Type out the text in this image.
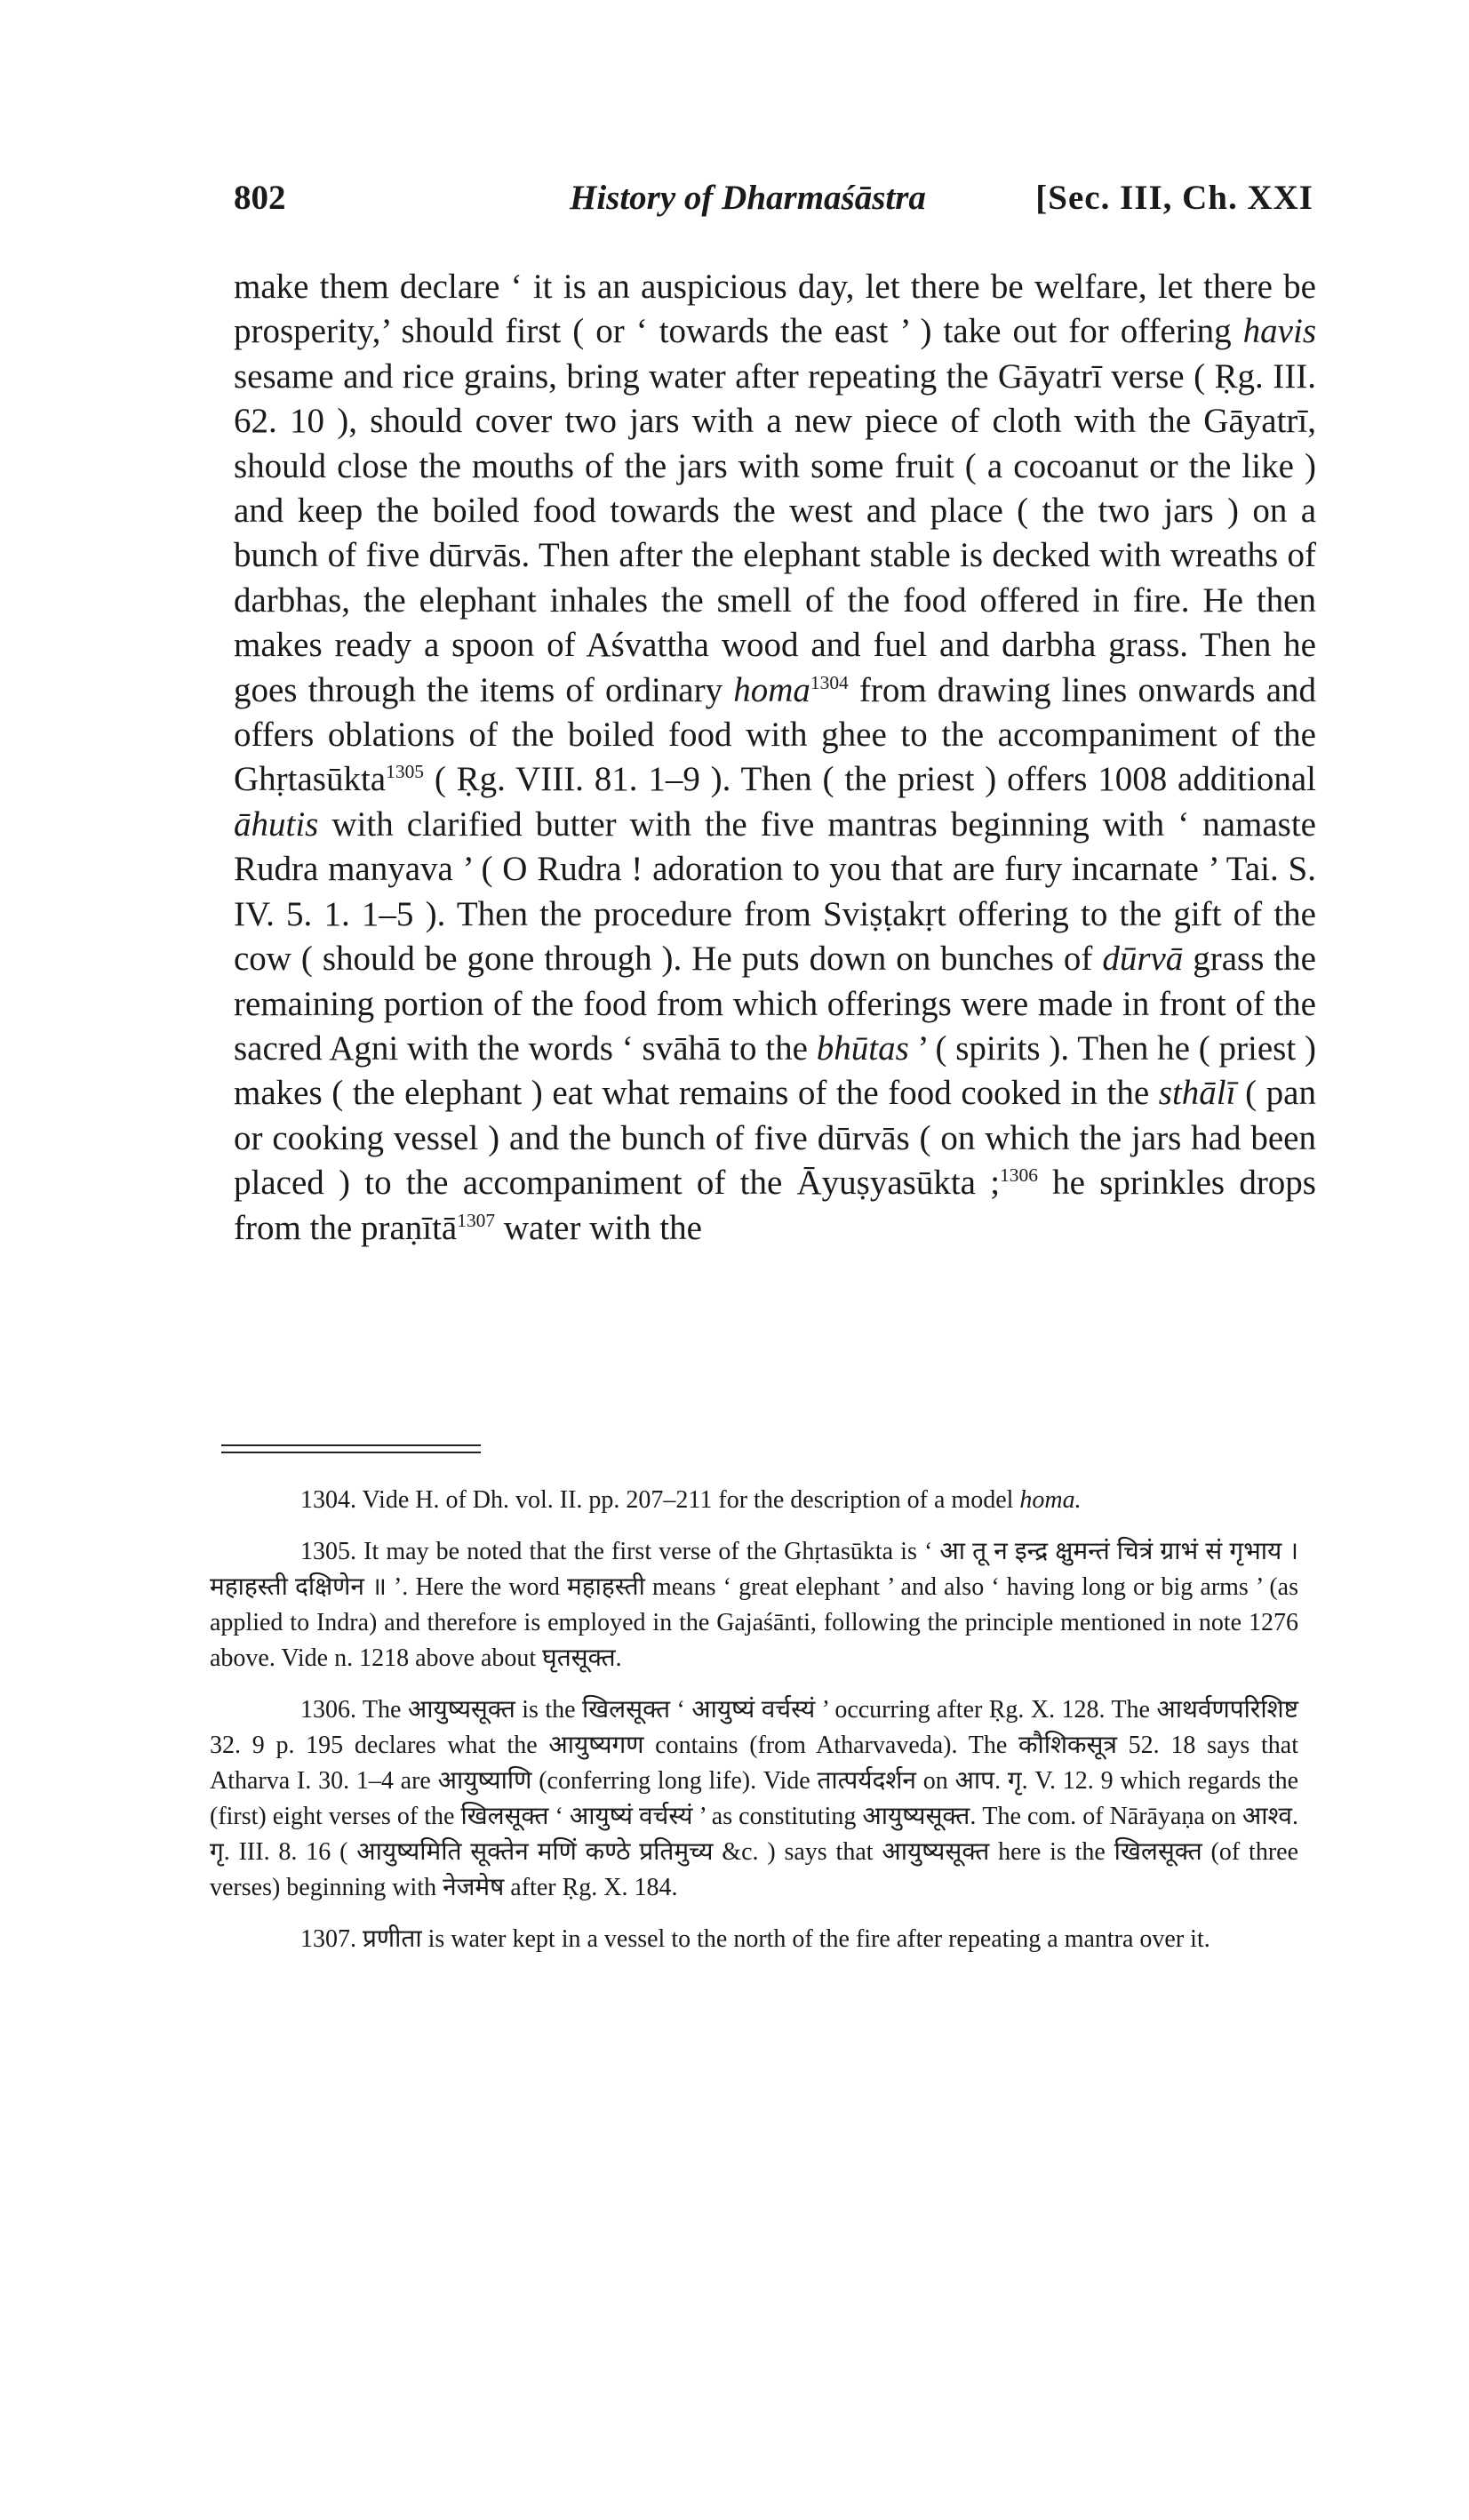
802	History of Dharmaśāstra	[Sec. III, Ch. XXI
make them declare ‘ it is an auspicious day, let there be welfare, let there be prosperity,’ should first ( or ‘ towards the east ’ ) take out for offering havis sesame and rice grains, bring water after repeating the Gāyatrī verse ( Ṛg. III. 62. 10 ), should cover two jars with a new piece of cloth with the Gāyatrī, should close the mouths of the jars with some fruit ( a cocoanut or the like ) and keep the boiled food towards the west and place ( the two jars ) on a bunch of five dūrvās. Then after the elephant stable is decked with wreaths of darbhas, the elephant inhales the smell of the food offered in fire. He then makes ready a spoon of Aśvattha wood and fuel and darbha grass. Then he goes through the items of ordinary homa$^{1304}$ from drawing lines onwards and offers oblations of the boiled food with ghee to the accompaniment of the Ghṛtasūkta$^{1305}$ ( Ṛg. VIII. 81. 1–9 ). Then ( the priest ) offers 1008 additional āhutis with clarified butter with the five mantras beginning with ‘ namaste Rudra manyava ’ ( O Rudra ! adoration to you that are fury incarnate ’ Tai. S. IV. 5. 1. 1–5 ). Then the procedure from Sviṣṭakṛt offering to the gift of the cow ( should be gone through ). He puts down on bunches of dūrvā grass the remaining portion of the food from which offerings were made in front of the sacred Agni with the words ‘ svāhā to the bhūtas ’ ( spirits ). Then he ( priest ) makes ( the elephant ) eat what remains of the food cooked in the sthālī ( pan or cooking vessel ) and the bunch of five dūrvās ( on which the jars had been placed ) to the accompaniment of the Āyuṣyasūkta ;$^{1306}$ he sprinkles drops from the praṇītā$^{1307}$ water with the

1304. Vide H. of Dh. vol. II. pp. 207–211 for the description of a model homa.

1305. It may be noted that the first verse of the Ghṛtasūkta is ‘ आ तू न इन्द्र क्षुमन्तं चित्रं ग्राभं सं गृभाय । महाहस्ती दक्षिणेन ॥ ’. Here the word महाहस्ती means ‘ great elephant ’ and also ‘ having long or big arms ’ (as applied to Indra) and therefore is employed in the Gajaśānti, following the principle mentioned in note 1276 above. Vide n. 1218 above about घृतसूक्त.

1306. The आयुष्यसूक्त is the खिलसूक्त ‘ आयुष्यं वर्चस्यं ’ occurring after Ṛg. X. 128. The आथर्वणपरिशिष्ट 32. 9 p. 195 declares what the आयुष्यगण contains (from Atharvaveda). The कौशिकसूत्र 52. 18 says that Atharva I. 30. 1–4 are आयुष्याणि (conferring long life). Vide तात्पर्यदर्शन on आप. गृ. V. 12. 9 which regards the (first) eight verses of the खिलसूक्त ‘ आयुष्यं वर्चस्यं ’ as constituting आयुष्यसूक्त. The com. of Nārāyaṇa on आश्व. गृ. III. 8. 16 ( आयुष्यमिति सूक्तेन मणिं कण्ठे प्रतिमुच्य &c. ) says that आयुष्यसूक्त here is the खिलसूक्त (of three verses) beginning with नेजमेष after Ṛg. X. 184.

1307. प्रणीता is water kept in a vessel to the north of the fire after repeating a mantra over it.
